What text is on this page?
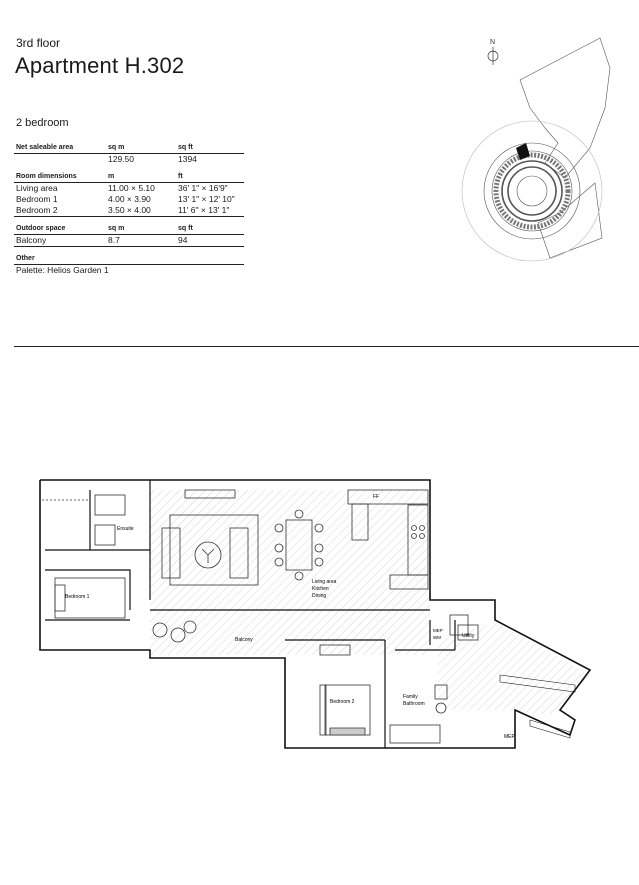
3rd floor
Apartment H.302
2 bedroom
Net saleable area	sq m	sq ft
	129.50	1394

Room dimensions	m	ft
Living area	11.00 × 5.10	36' 1" × 16'9"
Bedroom 1	4.00 × 3.90	13' 1" × 12' 10"
Bedroom 2	3.50 × 4.00	11' 6" × 13' 1"

Outdoor space	sq m	sq ft
Balcony	8.7	94

Other		
Palette: Helios Garden 1		
N
Ensuite
Bedroom 1
Living area
Kitchen
Dining
Balcony
Bedroom 2
Family
Bathroom
MEP
WM	Utility
MEP
FF
